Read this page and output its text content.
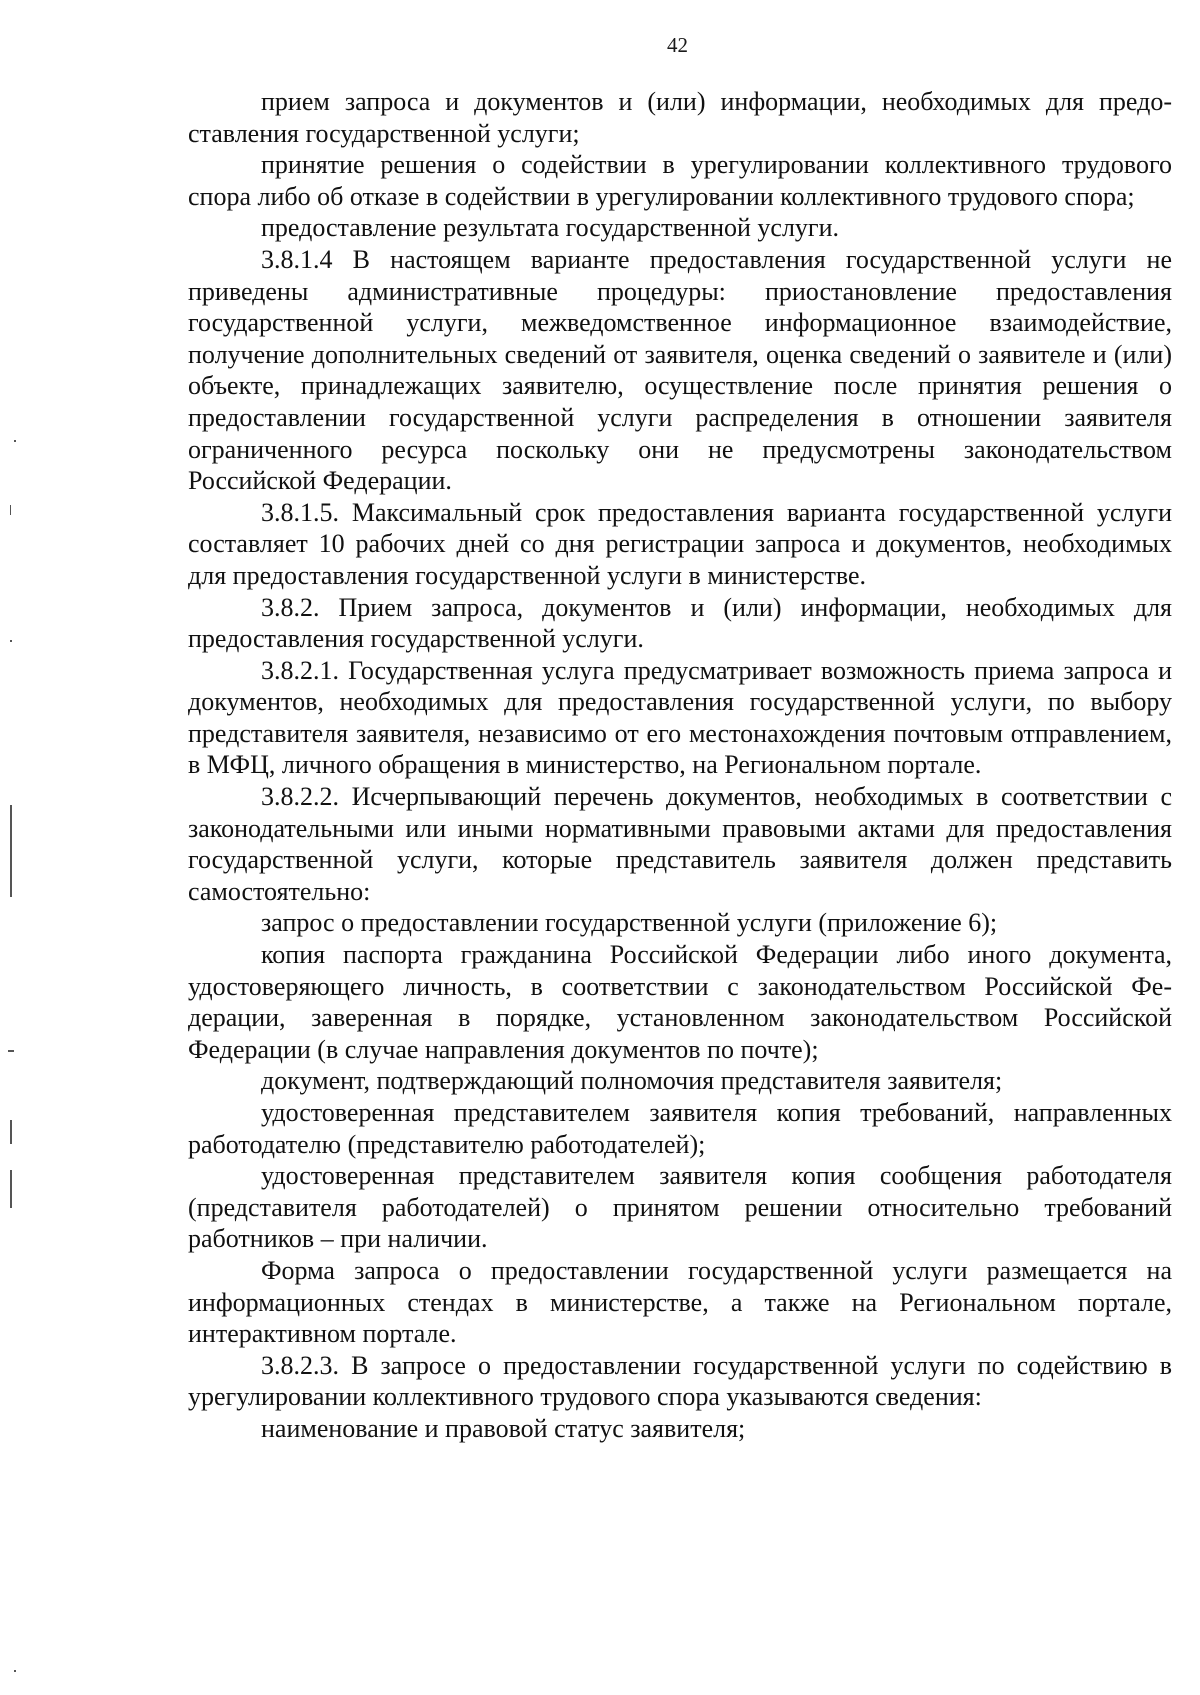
42

прием запроса и документов и (или) информации, необходимых для предоставления государственной услуги;

принятие решения о содействии в урегулировании коллективного трудового спора либо об отказе в содействии в урегулировании коллективного трудового спора;

предоставление результата государственной услуги.

3.8.1.4 В настоящем варианте предоставления государственной услуги не приведены административные процедуры: приостановление предоставления государственной услуги, межведомственное информационное взаимодействие, получение дополнительных сведений от заявителя, оценка сведений о заявителе и (или) объекте, принадлежащих заявителю, осуществление после принятия решения о предоставлении государственной услуги распределения в отношении заявителя ограниченного ресурса поскольку они не предусмотрены законодательством Российской Федерации.

3.8.1.5. Максимальный срок предоставления варианта государственной услуги составляет 10 рабочих дней со дня регистрации запроса и документов, необходимых для предоставления государственной услуги в министерстве.

3.8.2. Прием запроса, документов и (или) информации, необходимых для предоставления государственной услуги.

3.8.2.1. Государственная услуга предусматривает возможность приема запроса и документов, необходимых для предоставления государственной услуги, по выбору представителя заявителя, независимо от его местонахождения почтовым отправлением, в МФЦ, личного обращения в министерство, на Региональном портале.

3.8.2.2. Исчерпывающий перечень документов, необходимых в соответствии с законодательными или иными нормативными правовыми актами для предоставления государственной услуги, которые представитель заявителя должен представить самостоятельно:

запрос о предоставлении государственной услуги (приложение 6);

копия паспорта гражданина Российской Федерации либо иного документа, удостоверяющего личность, в соответствии с законодательством Российской Федерации, заверенная в порядке, установленном законодательством Российской Федерации (в случае направления документов по почте);

документ, подтверждающий полномочия представителя заявителя;

удостоверенная представителем заявителя копия требований, направленных работодателю (представителю работодателей);

удостоверенная представителем заявителя копия сообщения работодателя (представителя работодателей) о принятом решении относительно требований работников – при наличии.

Форма запроса о предоставлении государственной услуги размещается на информационных стендах в министерстве, а также на Региональном портале, интерактивном портале.

3.8.2.3. В запросе о предоставлении государственной услуги по содействию в урегулировании коллективного трудового спора указываются сведения:

наименование и правовой статус заявителя;
